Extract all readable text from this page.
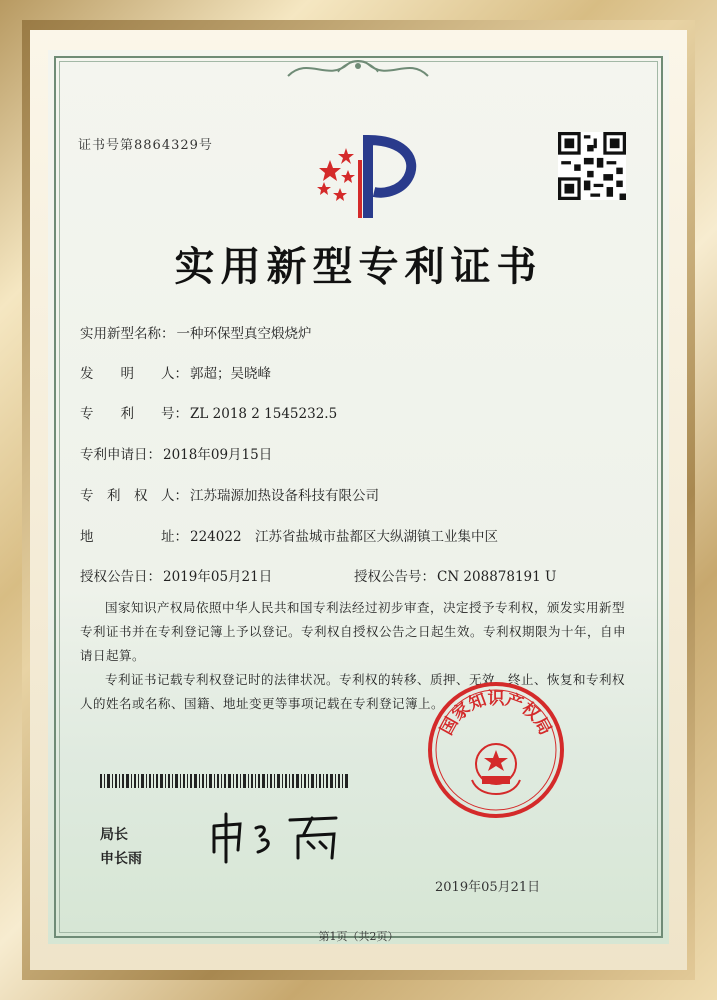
证书号第8864329号
实用新型专利证书
实用新型名称： 一种环保型真空煅烧炉
发　　明　　人： 郭超；吴晓峰
专　　利　　号： ZL 2018 2 1545232.5
专利申请日： 2018年09月15日
专　利　权　人： 江苏瑞源加热设备科技有限公司
地　　　　　址： 224022　江苏省盐城市盐都区大纵湖镇工业集中区
授权公告日： 2019年05月21日	授权公告号： CN 208878191 U
国家知识产权局依照中华人民共和国专利法经过初步审查，决定授予专利权，颁发实用新型专利证书并在专利登记簿上予以登记。专利权自授权公告之日起生效。专利权期限为十年，自申请日起算。
专利证书记载专利权登记时的法律状况。专利权的转移、质押、无效、终止、恢复和专利权人的姓名或名称、国籍、地址变更等事项记载在专利登记簿上。
局长
申长雨
国家知识产权局
2019年05月21日
第1页（共2页）
